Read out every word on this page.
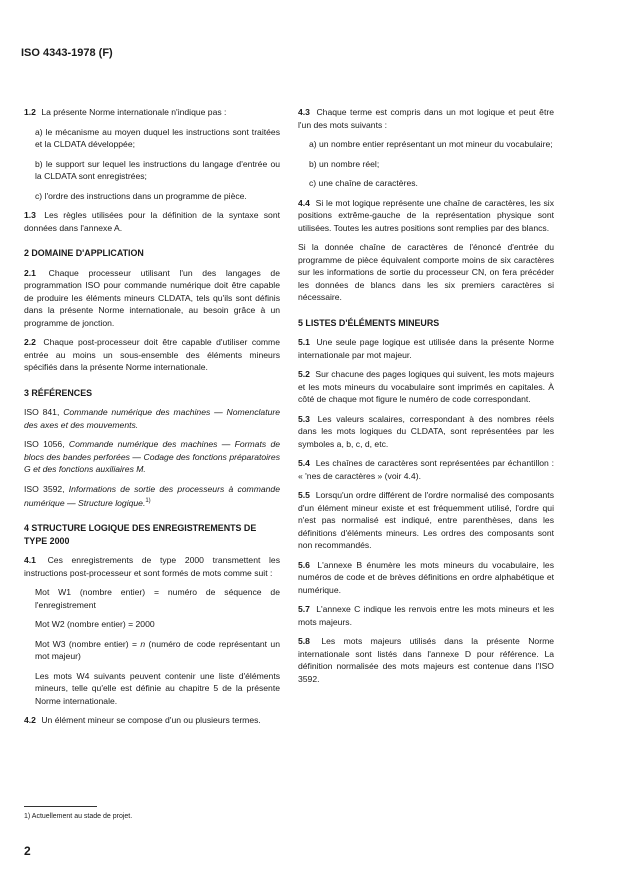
ISO 4343-1978 (F)

1.2 La présente Norme internationale n'indique pas :

a) le mécanisme au moyen duquel les instructions sont traitées et la CLDATA développée;

b) le support sur lequel les instructions du langage d'entrée ou la CLDATA sont enregistrées;

c) l'ordre des instructions dans un programme de pièce.

1.3 Les règles utilisées pour la définition de la syntaxe sont données dans l'annexe A.

2 DOMAINE D'APPLICATION

2.1 Chaque processeur utilisant l'un des langages de programmation ISO pour commande numérique doit être capable de produire les éléments mineurs CLDATA, tels qu'ils sont définis dans la présente Norme internationale, au besoin grâce à un programme de jonction.

2.2 Chaque post-processeur doit être capable d'utiliser comme entrée au moins un sous-ensemble des éléments mineurs spécifiés dans la présente Norme internationale.

3 RÉFÉRENCES

ISO 841, Commande numérique des machines — Nomenclature des axes et des mouvements.

ISO 1056, Commande numérique des machines — Formats de blocs des bandes perforées — Codage des fonctions préparatoires G et des fonctions auxiliaires M.

ISO 3592, Informations de sortie des processeurs à commande numérique — Structure logique.$^{1)}$

4 STRUCTURE LOGIQUE DES ENREGISTREMENTS DE TYPE 2000

4.1 Ces enregistrements de type 2000 transmettent les instructions post-processeur et sont formés de mots comme suit :

Mot W1 (nombre entier) = numéro de séquence de l'enregistrement

Mot W2 (nombre entier) = 2000

Mot W3 (nombre entier) = n (numéro de code représentant un mot majeur)

Les mots W4 suivants peuvent contenir une liste d'éléments mineurs, telle qu'elle est définie au chapitre 5 de la présente Norme internationale.

4.2 Un élément mineur se compose d'un ou plusieurs termes.

4.3 Chaque terme est compris dans un mot logique et peut être l'un des mots suivants :

a) un nombre entier représentant un mot mineur du vocabulaire;

b) un nombre réel;

c) une chaîne de caractères.

4.4 Si le mot logique représente une chaîne de caractères, les six positions extrême-gauche de la représentation physique sont utilisées. Toutes les autres positions sont remplies par des blancs.

Si la donnée chaîne de caractères de l'énoncé d'entrée du programme de pièce équivalent comporte moins de six caractères sur les informations de sortie du processeur CN, on fera précéder les données de blancs dans les six premiers caractères si nécessaire.

5 LISTES D'ÉLÉMENTS MINEURS

5.1 Une seule page logique est utilisée dans la présente Norme internationale par mot majeur.

5.2 Sur chacune des pages logiques qui suivent, les mots majeurs et les mots mineurs du vocabulaire sont imprimés en capitales. À côté de chaque mot figure le numéro de code correspondant.

5.3 Les valeurs scalaires, correspondant à des nombres réels dans les mots logiques du CLDATA, sont représentées par les symboles a, b, c, d, etc.

5.4 Les chaînes de caractères sont représentées par échantillon : « 'nes de caractères » (voir 4.4).

5.5 Lorsqu'un ordre différent de l'ordre normalisé des composants d'un élément mineur existe et est fréquemment utilisé, l'ordre qui n'est pas normalisé est indiqué, entre parenthèses, dans les définitions d'éléments mineurs. Les ordres des composants sont non recommandés.

5.6 L'annexe B énumère les mots mineurs du vocabulaire, les numéros de code et de brèves définitions en ordre alphabétique et numérique.

5.7 L'annexe C indique les renvois entre les mots mineurs et les mots majeurs.

5.8 Les mots majeurs utilisés dans la présente Norme internationale sont listés dans l'annexe D pour référence. La définition normalisée des mots majeurs est contenue dans l'ISO 3592.

1) Actuellement au stade de projet.
2
